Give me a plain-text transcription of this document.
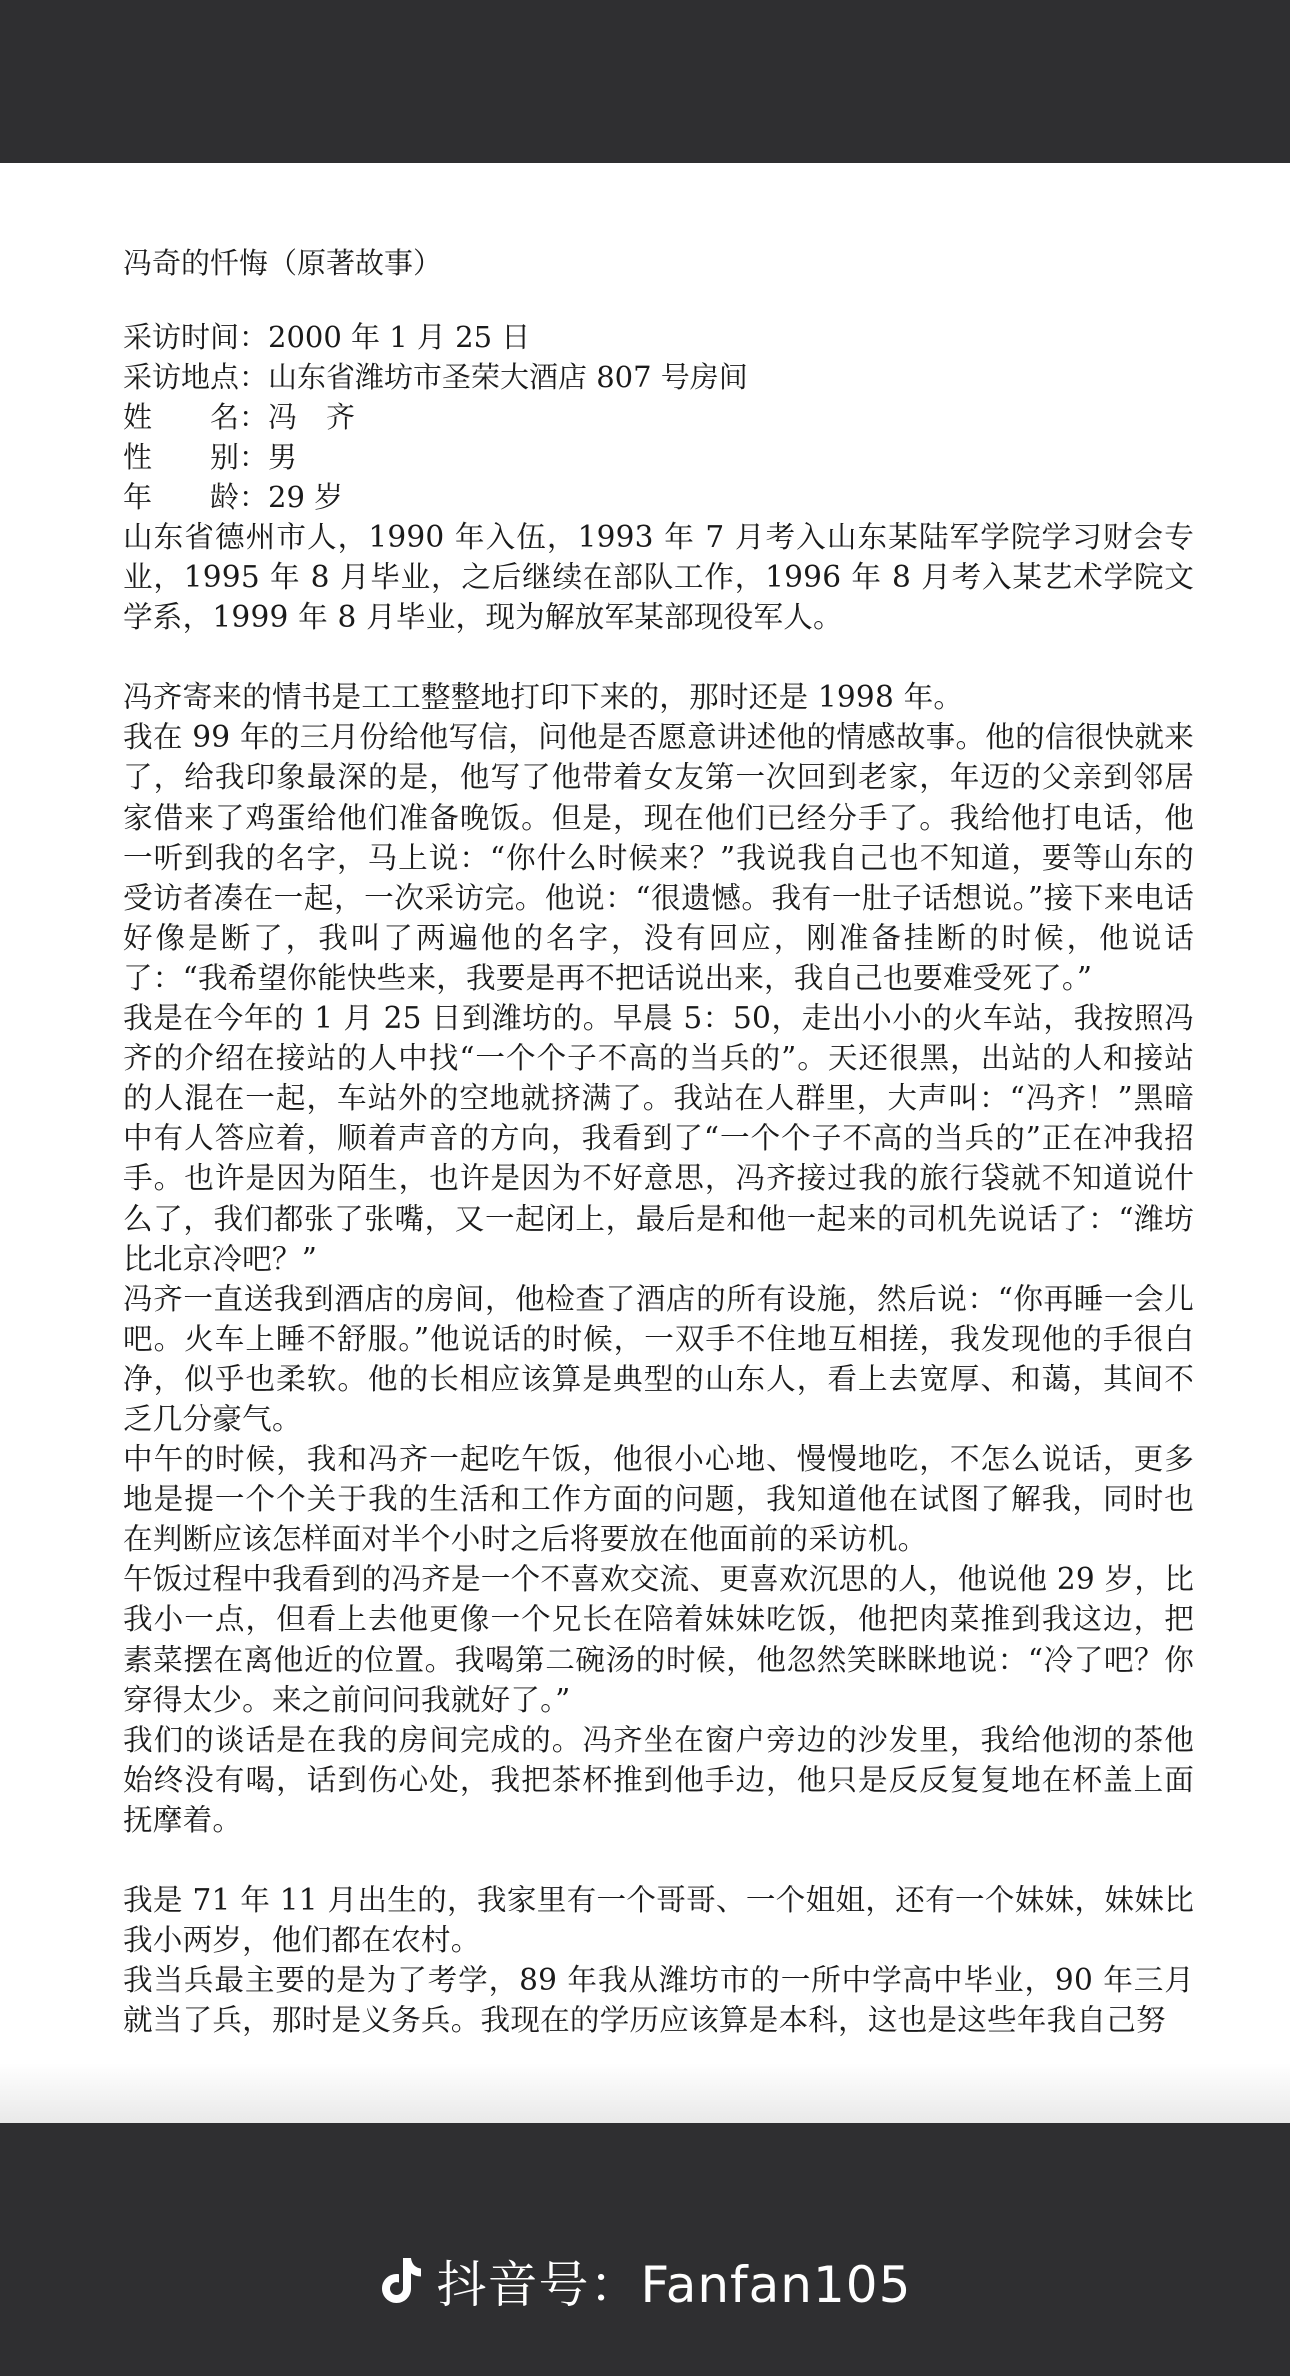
冯奇的忏悔（原著故事）
采访时间：2000 年 1 月 25 日
采访地点：山东省潍坊市圣荣大酒店 807 号房间
姓　　名：冯　齐
性　　别：男
年　　龄：29 岁

山东省德州市人，1990 年入伍，1993 年 7 月考入山东某陆军学院学习财会专业，1995 年 8 月毕业，之后继续在部队工作，1996 年 8 月考入某艺术学院文学系，1999 年 8 月毕业，现为解放军某部现役军人。

冯齐寄来的情书是工工整整地打印下来的，那时还是 1998 年。

我在 99 年的三月份给他写信，问他是否愿意讲述他的情感故事。他的信很快就来了，给我印象最深的是，他写了他带着女友第一次回到老家，年迈的父亲到邻居家借来了鸡蛋给他们准备晚饭。但是，现在他们已经分手了。我给他打电话，他一听到我的名字，马上说：“你什么时候来？”我说我自己也不知道，要等山东的受访者凑在一起，一次采访完。他说：“很遗憾。我有一肚子话想说。”接下来电话好像是断了，我叫了两遍他的名字，没有回应，刚准备挂断的时候，他说话了：“我希望你能快些来，我要是再不把话说出来，我自己也要难受死了。”

我是在今年的 1 月 25 日到潍坊的。早晨 5：50，走出小小的火车站，我按照冯齐的介绍在接站的人中找“一个个子不高的当兵的”。天还很黑，出站的人和接站的人混在一起，车站外的空地就挤满了。我站在人群里，大声叫：“冯齐！”黑暗中有人答应着，顺着声音的方向，我看到了“一个个子不高的当兵的”正在冲我招手。也许是因为陌生，也许是因为不好意思，冯齐接过我的旅行袋就不知道说什么了，我们都张了张嘴，又一起闭上，最后是和他一起来的司机先说话了：“潍坊比北京冷吧？”

冯齐一直送我到酒店的房间，他检查了酒店的所有设施，然后说：“你再睡一会儿吧。火车上睡不舒服。”他说话的时候，一双手不住地互相搓，我发现他的手很白净，似乎也柔软。他的长相应该算是典型的山东人，看上去宽厚、和蔼，其间不乏几分豪气。

中午的时候，我和冯齐一起吃午饭，他很小心地、慢慢地吃，不怎么说话，更多地是提一个个关于我的生活和工作方面的问题，我知道他在试图了解我，同时也在判断应该怎样面对半个小时之后将要放在他面前的采访机。

午饭过程中我看到的冯齐是一个不喜欢交流、更喜欢沉思的人，他说他 29 岁，比我小一点，但看上去他更像一个兄长在陪着妹妹吃饭，他把肉菜推到我这边，把素菜摆在离他近的位置。我喝第二碗汤的时候，他忽然笑眯眯地说：“冷了吧？你穿得太少。来之前问问我就好了。”

我们的谈话是在我的房间完成的。冯齐坐在窗户旁边的沙发里，我给他沏的茶他始终没有喝，话到伤心处，我把茶杯推到他手边，他只是反反复复地在杯盖上面抚摩着。

我是 71 年 11 月出生的，我家里有一个哥哥、一个姐姐，还有一个妹妹，妹妹比我小两岁，他们都在农村。

我当兵最主要的是为了考学，89 年我从潍坊市的一所中学高中毕业，90 年三月就当了兵，那时是义务兵。我现在的学历应该算是本科，这也是这些年我自己努

抖音号：Fanfan105
